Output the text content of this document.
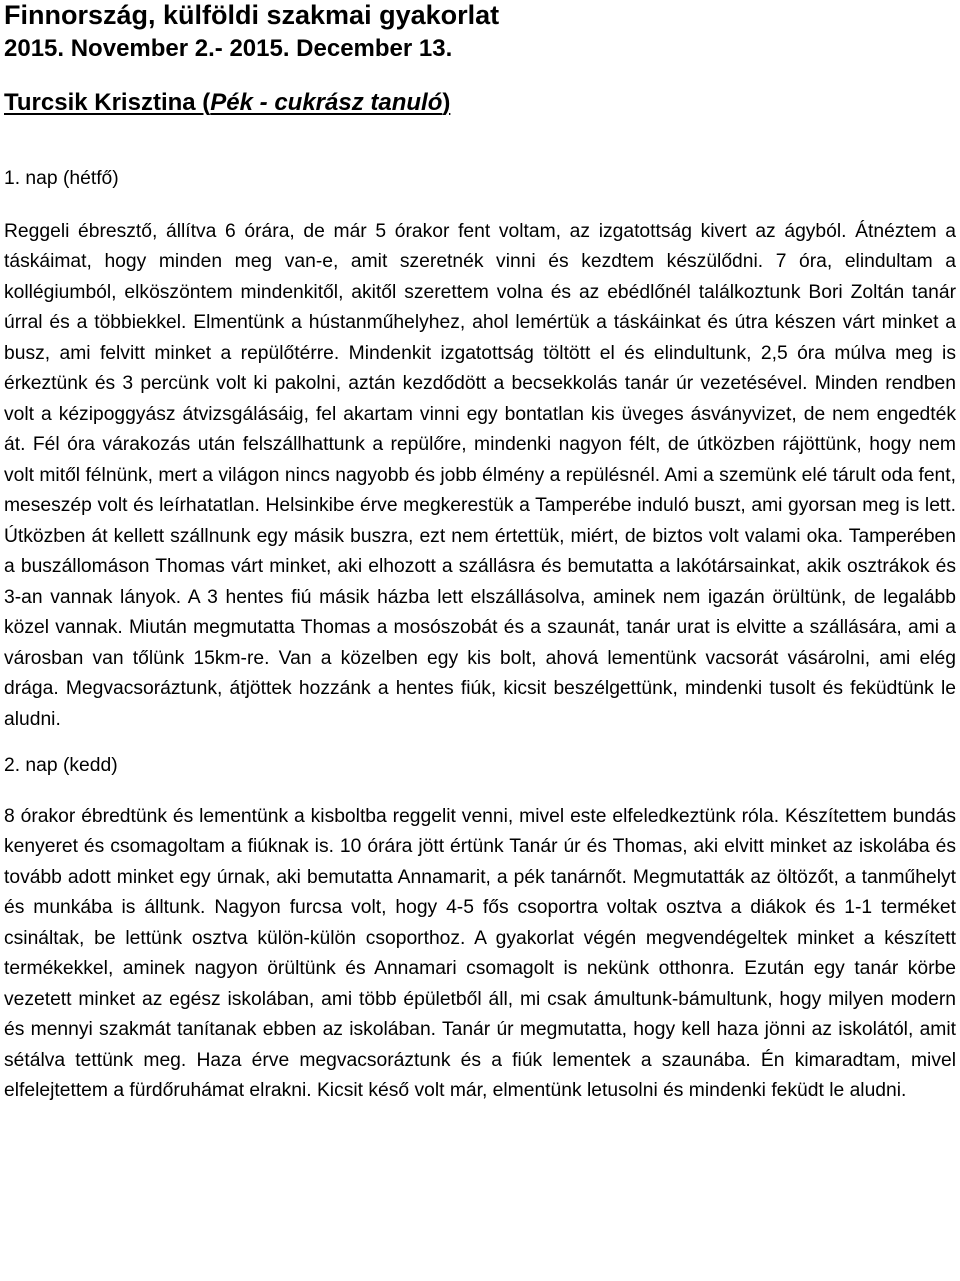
Finnország, külföldi szakmai gyakorlat
2015. November 2.- 2015. December 13.
Turcsik Krisztina (Pék - cukrász tanuló)
1. nap (hétfő)

Reggeli ébresztő, állítva 6 órára, de már 5 órakor fent voltam, az izgatottság kivert az ágyból. Átnéztem a táskáimat, hogy minden meg van-e, amit szeretnék vinni és kezdtem készülődni. 7 óra, elindultam a kollégiumból, elköszöntem mindenkitől, akitől szerettem volna és az ebédlőnél találkoztunk Bori Zoltán tanár úrral és a többiekkel. Elmentünk a hústanműhelyhez, ahol lemértük a táskáinkat és útra készen várt minket a busz, ami felvitt minket a repülőtérre. Mindenkit izgatottság töltött el és elindultunk, 2,5 óra múlva meg is érkeztünk és 3 percünk volt ki pakolni, aztán kezdődött a becsekkolás tanár úr vezetésével. Minden rendben volt a kézipoggyász átvizsgálásáig, fel akartam vinni egy bontatlan kis üveges ásványvizet, de nem engedték át. Fél óra várakozás után felszállhattunk a repülőre, mindenki nagyon félt, de útközben rájöttünk, hogy nem volt mitől félnünk, mert a világon nincs nagyobb és jobb élmény a repülésnél. Ami a szemünk elé tárult oda fent, meseszép volt és leírhatatlan. Helsinkibe érve megkerestük a Tamperébe induló buszt, ami gyorsan meg is lett. Útközben át kellett szállnunk egy másik buszra, ezt nem értettük, miért, de biztos volt valami oka. Tamperében a buszállomáson Thomas várt minket, aki elhozott a szállásra és bemutatta a lakótársainkat, akik osztrákok és 3-an vannak lányok. A 3 hentes fiú másik házba lett elszállásolva, aminek nem igazán örültünk, de legalább közel vannak. Miután megmutatta Thomas a mosószobát és a szaunát, tanár urat is elvitte a szállására, ami a városban van tőlünk 15km-re. Van a közelben egy kis bolt, ahová lementünk vacsorát vásárolni, ami elég drága. Megvacsoráztunk, átjöttek hozzánk a hentes fiúk, kicsit beszélgettünk, mindenki tusolt és feküdtünk le aludni.

2. nap (kedd)

8 órakor ébredtünk és lementünk a kisboltba reggelit venni, mivel este elfeledkeztünk róla. Készítettem bundás kenyeret és csomagoltam a fiúknak is. 10 órára jött értünk Tanár úr és Thomas, aki elvitt minket az iskolába és tovább adott minket egy úrnak, aki bemutatta Annamarit, a pék tanárnőt. Megmutatták az öltözőt, a tanműhelyt és munkába is álltunk. Nagyon furcsa volt, hogy 4-5 fős csoportra voltak osztva a diákok és 1-1 terméket csináltak, be lettünk osztva külön-külön csoporthoz. A gyakorlat végén megvendégeltek minket a készített termékekkel, aminek nagyon örültünk és Annamari csomagolt is nekünk otthonra. Ezután egy tanár körbe vezetett minket az egész iskolában, ami több épületből áll, mi csak ámultunk-bámultunk, hogy milyen modern és mennyi szakmát tanítanak ebben az iskolában. Tanár úr megmutatta, hogy kell haza jönni az iskolától, amit sétálva tettünk meg. Haza érve megvacsoráztunk és a fiúk lementek a szaunába. Én kimaradtam, mivel elfelejtettem a fürdőruhámat elrakni. Kicsit késő volt már, elmentünk letusolni és mindenki feküdt le aludni.
